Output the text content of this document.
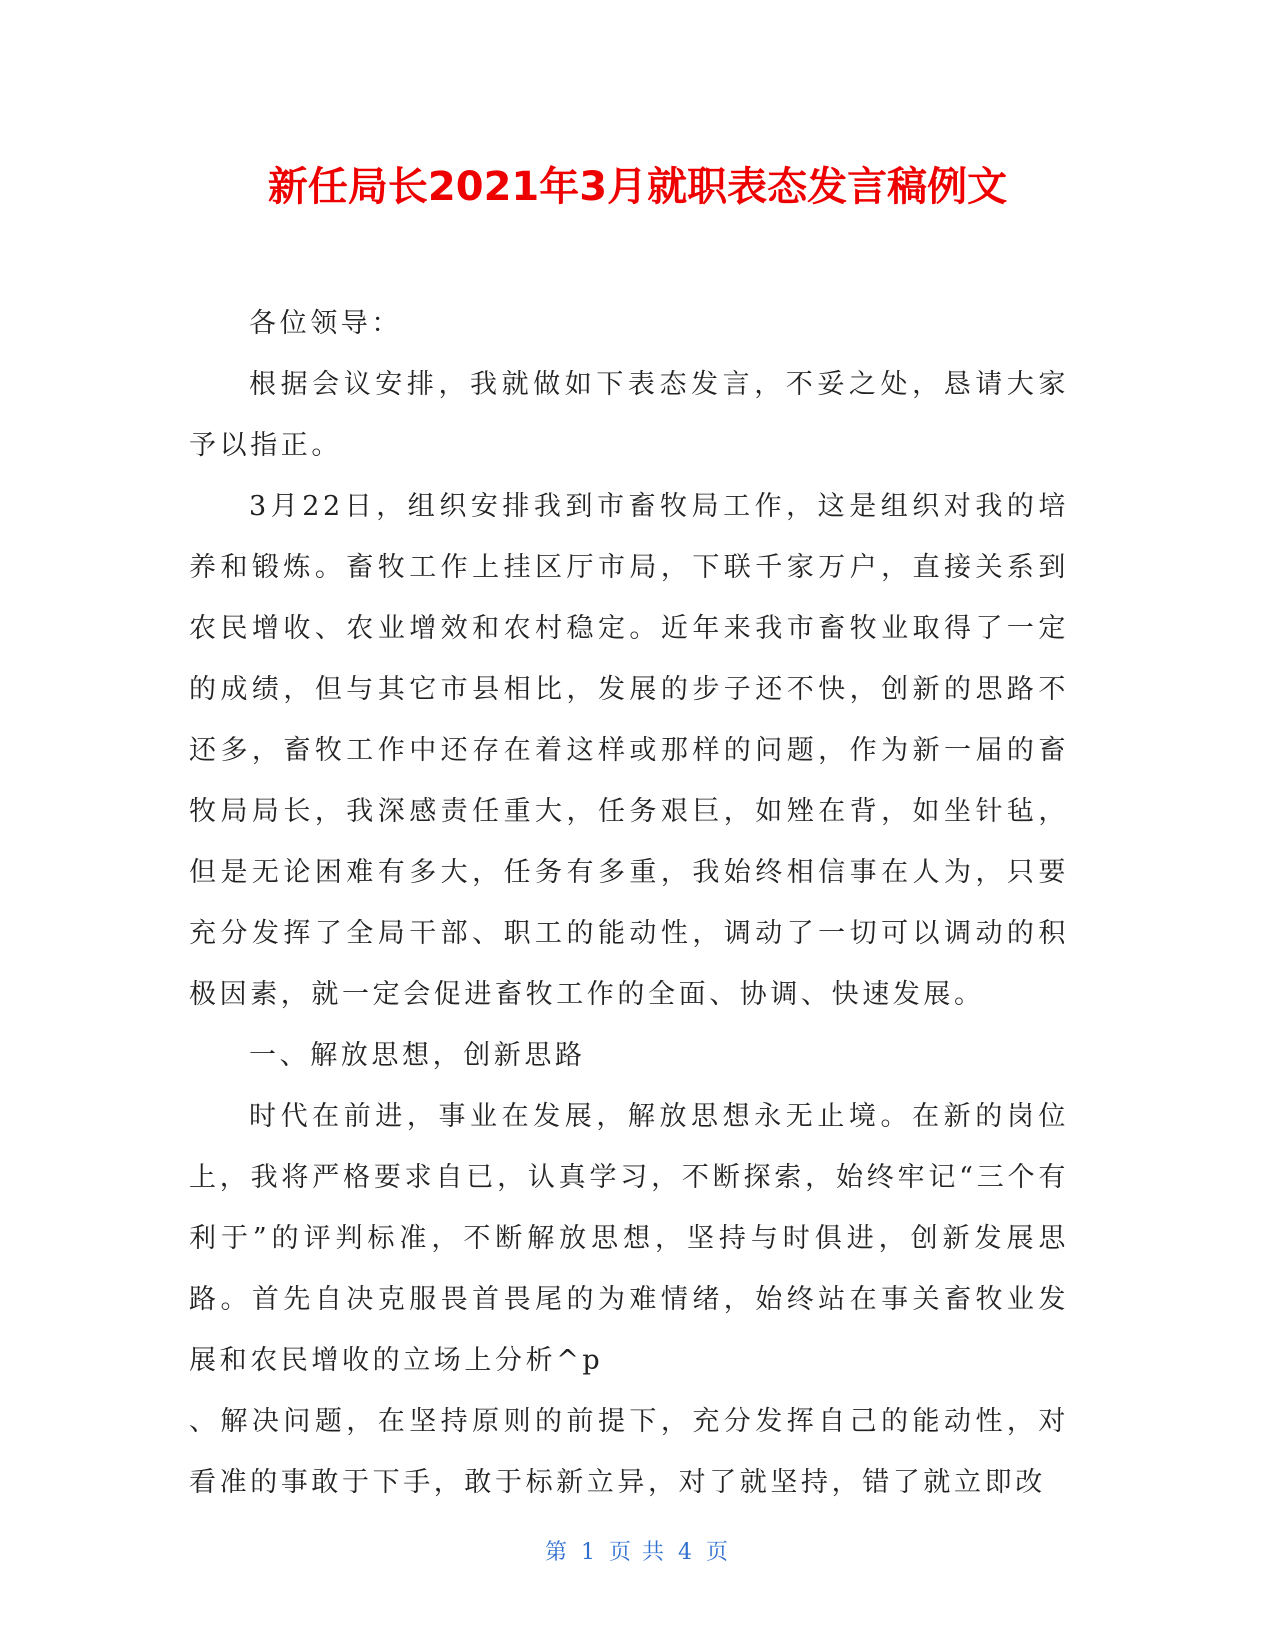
新任局长2021年3月就职表态发言稿例文

各位领导：

根据会议安排，我就做如下表态发言，不妥之处，恳请大家予以指正。

3月22日，组织安排我到市畜牧局工作，这是组织对我的培养和锻炼。畜牧工作上挂区厅市局，下联千家万户，直接关系到农民增收、农业增效和农村稳定。近年来我市畜牧业取得了一定的成绩，但与其它市县相比，发展的步子还不快，创新的思路不还多，畜牧工作中还存在着这样或那样的问题，作为新一届的畜牧局局长，我深感责任重大，任务艰巨，如矬在背，如坐针毡，但是无论困难有多大，任务有多重，我始终相信事在人为，只要充分发挥了全局干部、职工的能动性，调动了一切可以调动的积极因素，就一定会促进畜牧工作的全面、协调、快速发展。

一、解放思想，创新思路

时代在前进，事业在发展，解放思想永无止境。在新的岗位上，我将严格要求自已，认真学习，不断探索，始终牢记“三个有利于”的评判标准，不断解放思想，坚持与时俱进，创新发展思路。首先自决克服畏首畏尾的为难情绪，始终站在事关畜牧业发展和农民增收的立场上分析^p

、解决问题，在坚持原则的前提下，充分发挥自己的能动性，对看准的事敢于下手，敢于标新立异，对了就坚持，错了就立即改

第 1 页 共 4 页
